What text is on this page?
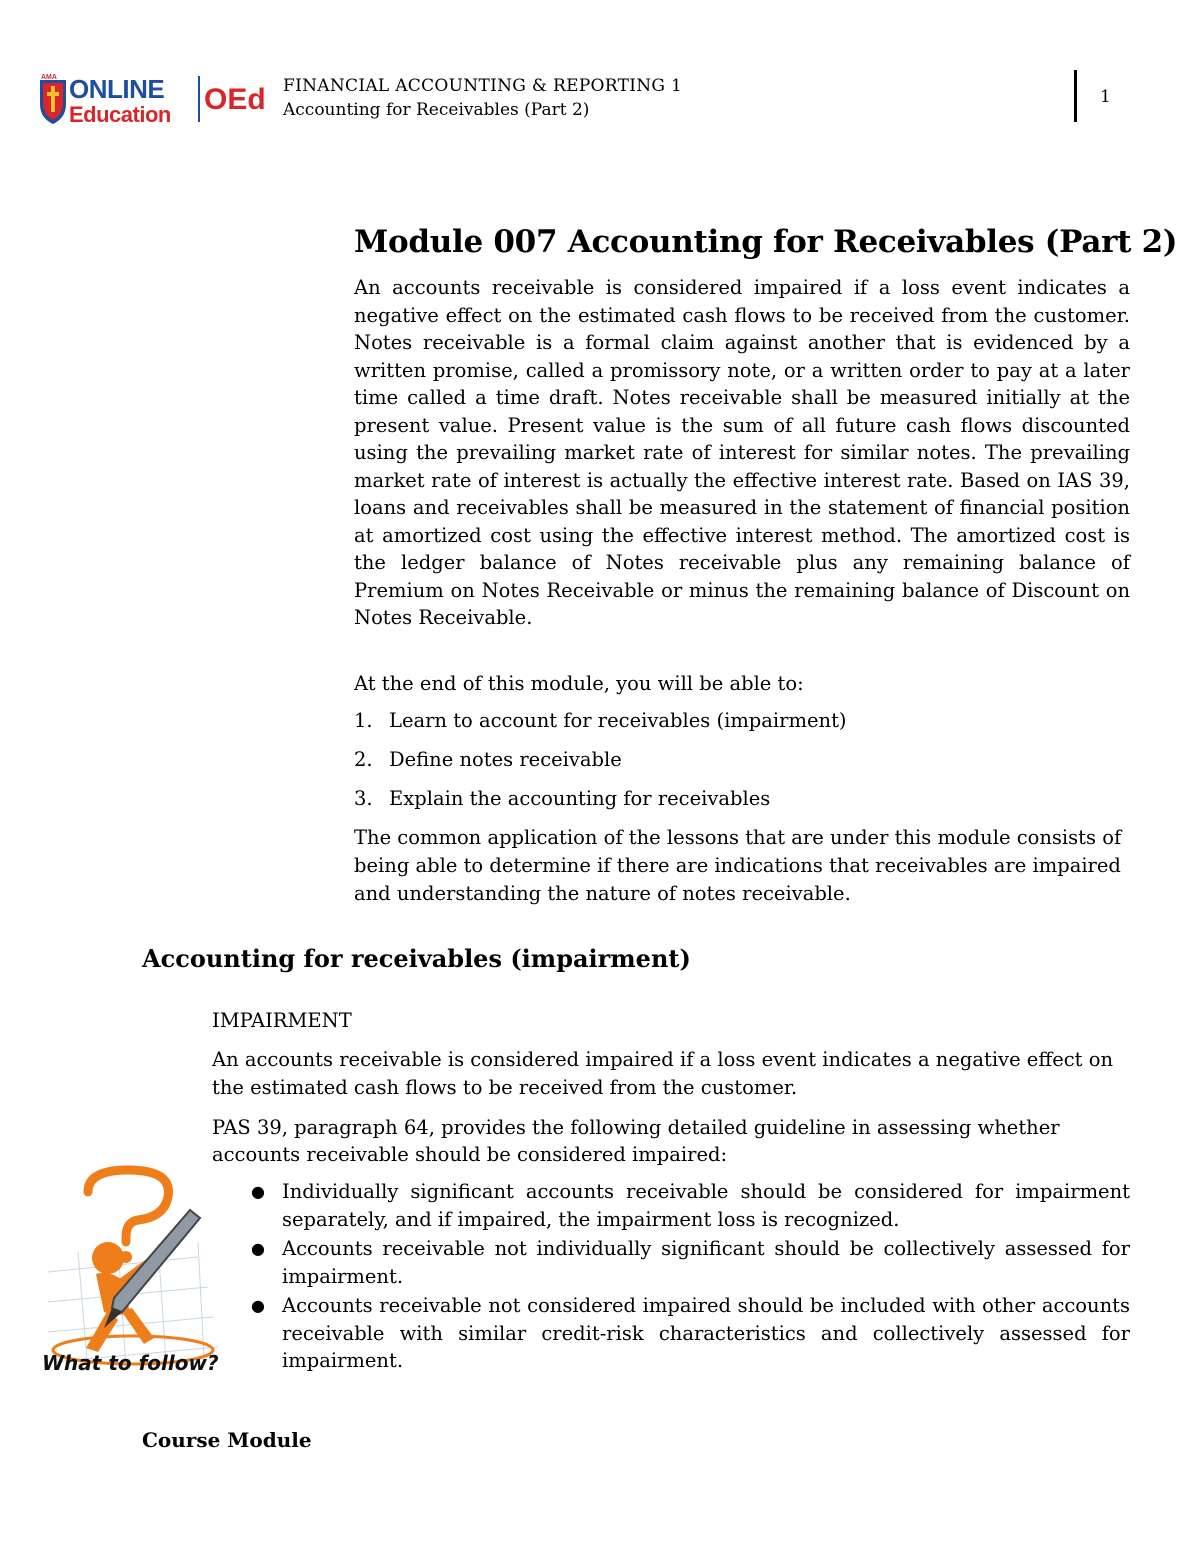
AMA ONLINE
Education OEd FINANCIAL ACCOUNTING & REPORTING 1
Accounting for Receivables (Part 2)
1
Module 007 Accounting for Receivables (Part 2)

An accounts receivable is considered impaired if a loss event indicates a negative effect on the estimated cash flows to be received from the customer. Notes receivable is a formal claim against another that is evidenced by a written promise, called a promissory note, or a written order to pay at a later time called a time draft. Notes receivable shall be measured initially at the present value. Present value is the sum of all future cash flows discounted using the prevailing market rate of interest for similar notes. The prevailing market rate of interest is actually the effective interest rate. Based on IAS 39, loans and receivables shall be measured in the statement of financial position at amortized cost using the effective interest method. The amortized cost is the ledger balance of Notes receivable plus any remaining balance of Premium on Notes Receivable or minus the remaining balance of Discount on Notes Receivable.

At the end of this module, you will be able to:

1. Learn to account for receivables (impairment)
2. Define notes receivable
3. Explain the accounting for receivables

The common application of the lessons that are under this module consists of being able to determine if there are indications that receivables are impaired and understanding the nature of notes receivable.

Accounting for receivables (impairment)

IMPAIRMENT

An accounts receivable is considered impaired if a loss event indicates a negative effect on the estimated cash flows to be received from the customer.

PAS 39, paragraph 64, provides the following detailed guideline in assessing whether accounts receivable should be considered impaired:

● Individually significant accounts receivable should be considered for impairment separately, and if impaired, the impairment loss is recognized.
● Accounts receivable not individually significant should be collectively assessed for impairment.
● Accounts receivable not considered impaired should be included with other accounts receivable with similar credit-risk characteristics and collectively assessed for impairment.
What to follow?
Course Module
